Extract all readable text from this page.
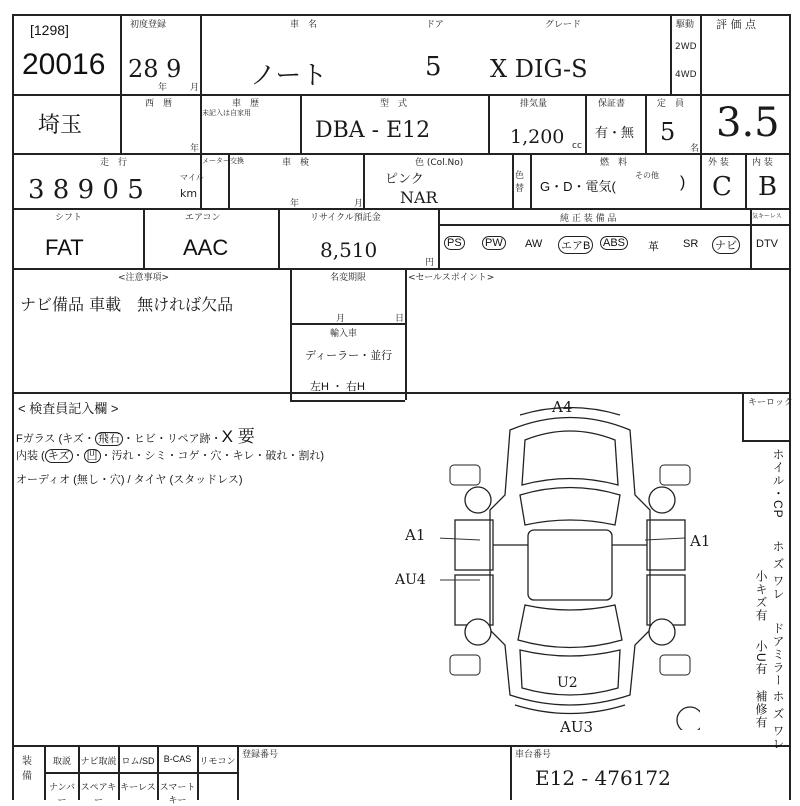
[1298]
20016
初度登録
28 9
年	月
車　名
ノート
ドア
5
グレード
X DIG-S
駆動
2WD
4WD
評 価 点
3.5
埼玉
西　暦
年
車　歴
未記入は自家用
型　式
DBA - E12
排気量
1,200 cc
保証書
有・無
定　員
5
名
走　行
3 8 9 0 5	マイル
km
メーター交換	車　検
年	月
色 (Col.No)
ピンク
NAR
色替
燃　料
G・D・電気(
その他 )
外 装
C
内 装
B
シフト
FAT
エアコン
AAC
リサイクル預託金
8,510
円
純 正 装 備 品	気キーレス
PS PW AW エアB ABS 革 SR ナビ DTV
<注意事項>
ナビ備品 車載　無ければ欠品
名変期限
月	日
輸入車
ディーラー・並行
左H ・ 右H
<セールスポイント>
< 検査員記入欄 >
Fガラス (キズ・ 飛石 ・ヒビ・リペア跡・X 要
内装 ( キズ ・ 凹 ・汚れ・シミ・コゲ・穴・キレ・破れ・割れ)
オーディオ (無し・穴) / タイヤ (スタッドレス)
キーロック
A4
A1	A1
AU4
U2
AU3
ホイル・CP
ホ ズ ワレ
小キズ有
ドアミラー
ホ ズ ワレ
小U有
補修有
装備
取説	ナビ取説 ロム/SD	B-CAS リモコン
ナンバー
スペアキー
キーレス スマートキー
登録番号	車台番号
E12 - 476172
